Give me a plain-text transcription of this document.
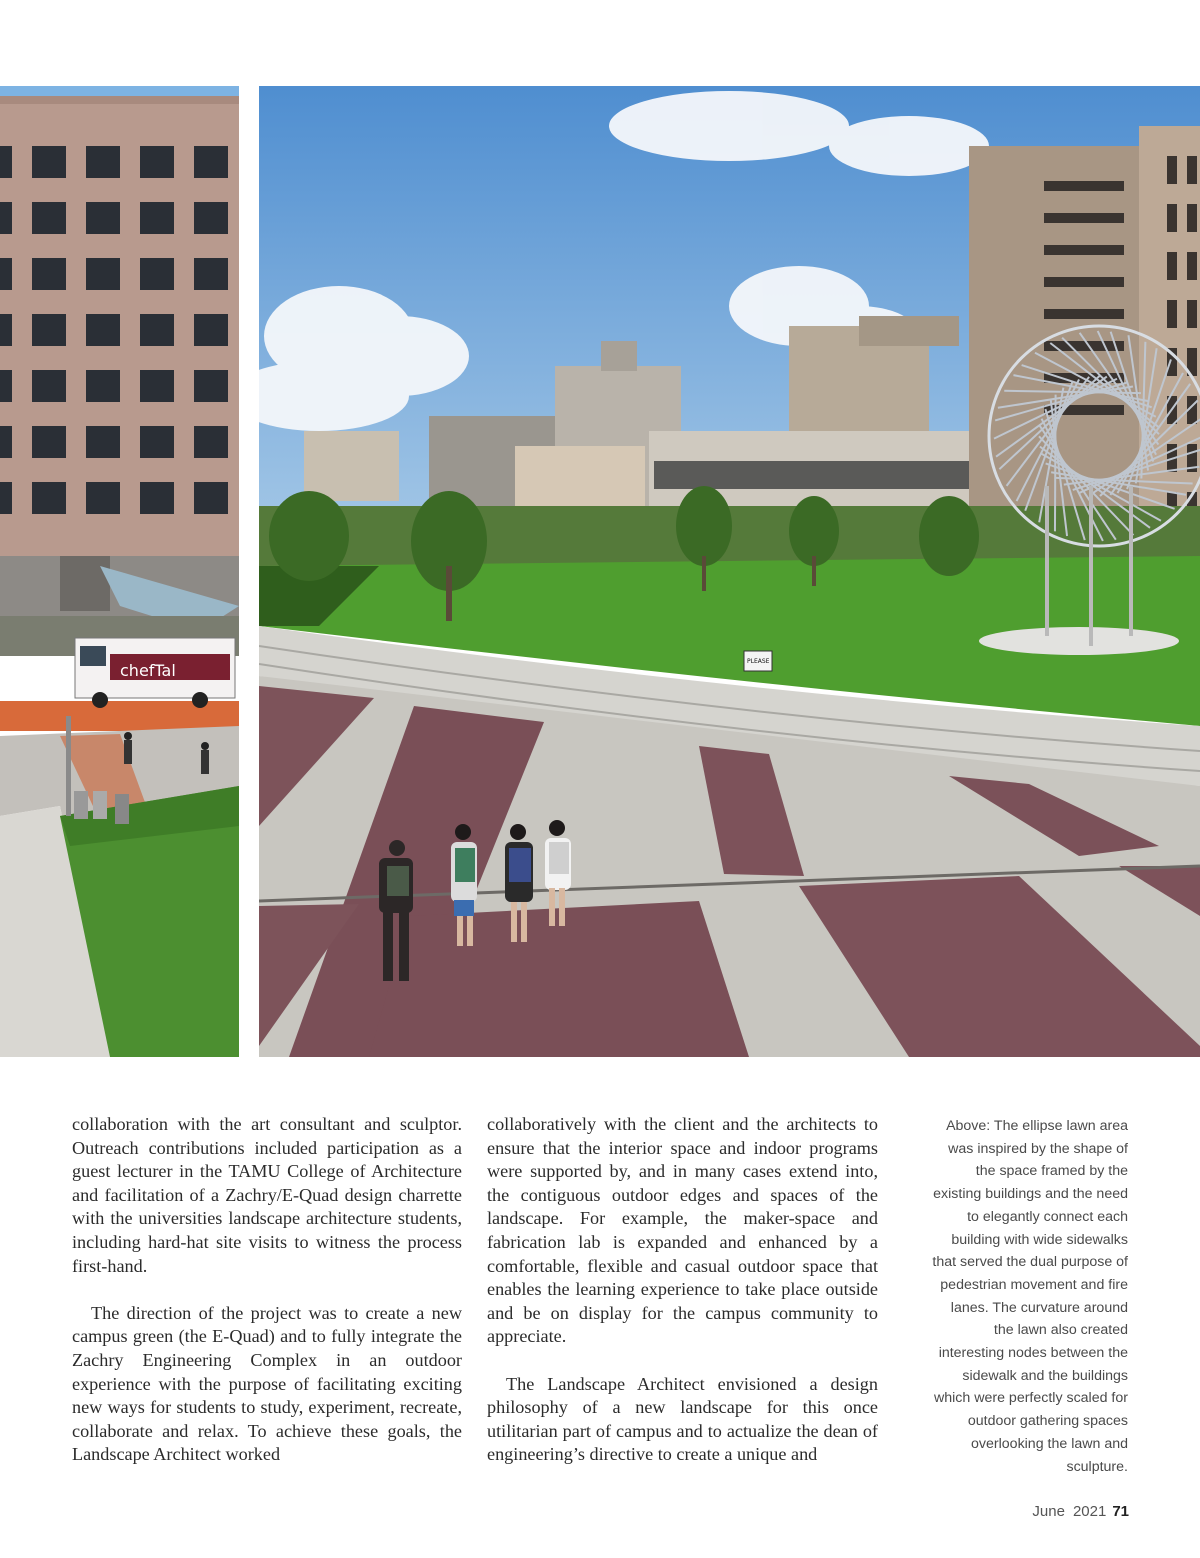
chefTal	PLEASE

collaboration with the art consultant and sculptor. Outreach contributions included participation as a guest lecturer in the TAMU College of Architecture and facilitation of a Zachry/E-Quad design charrette with the universities landscape architecture students, including hard-hat site visits to witness the process first-hand.

The direction of the project was to create a new campus green (the E-Quad) and to fully integrate the Zachry Engineering Complex in an outdoor experience with the purpose of facilitating exciting new ways for students to study, experiment, recreate, collaborate and relax. To achieve these goals, the Landscape Architect worked

collaboratively with the client and the architects to ensure that the interior space and indoor programs were supported by, and in many cases extend into, the contiguous outdoor edges and spaces of the landscape. For example, the maker-space and fabrication lab is expanded and enhanced by a comfortable, flexible and casual outdoor space that enables the learning experience to take place outside and be on display for the campus community to appreciate.

The Landscape Architect envisioned a design philosophy of a new landscape for this once utilitarian part of campus and to actualize the dean of engineering’s directive to create a unique and

Above: The ellipse lawn area was inspired by the shape of the space framed by the existing buildings and the need to elegantly connect each building with wide sidewalks that served the dual purpose of pedestrian movement and fire lanes. The curvature around the lawn also created interesting nodes between the sidewalk and the buildings which were perfectly scaled for outdoor gathering spaces overlooking the lawn and sculpture.
June 2021 71
